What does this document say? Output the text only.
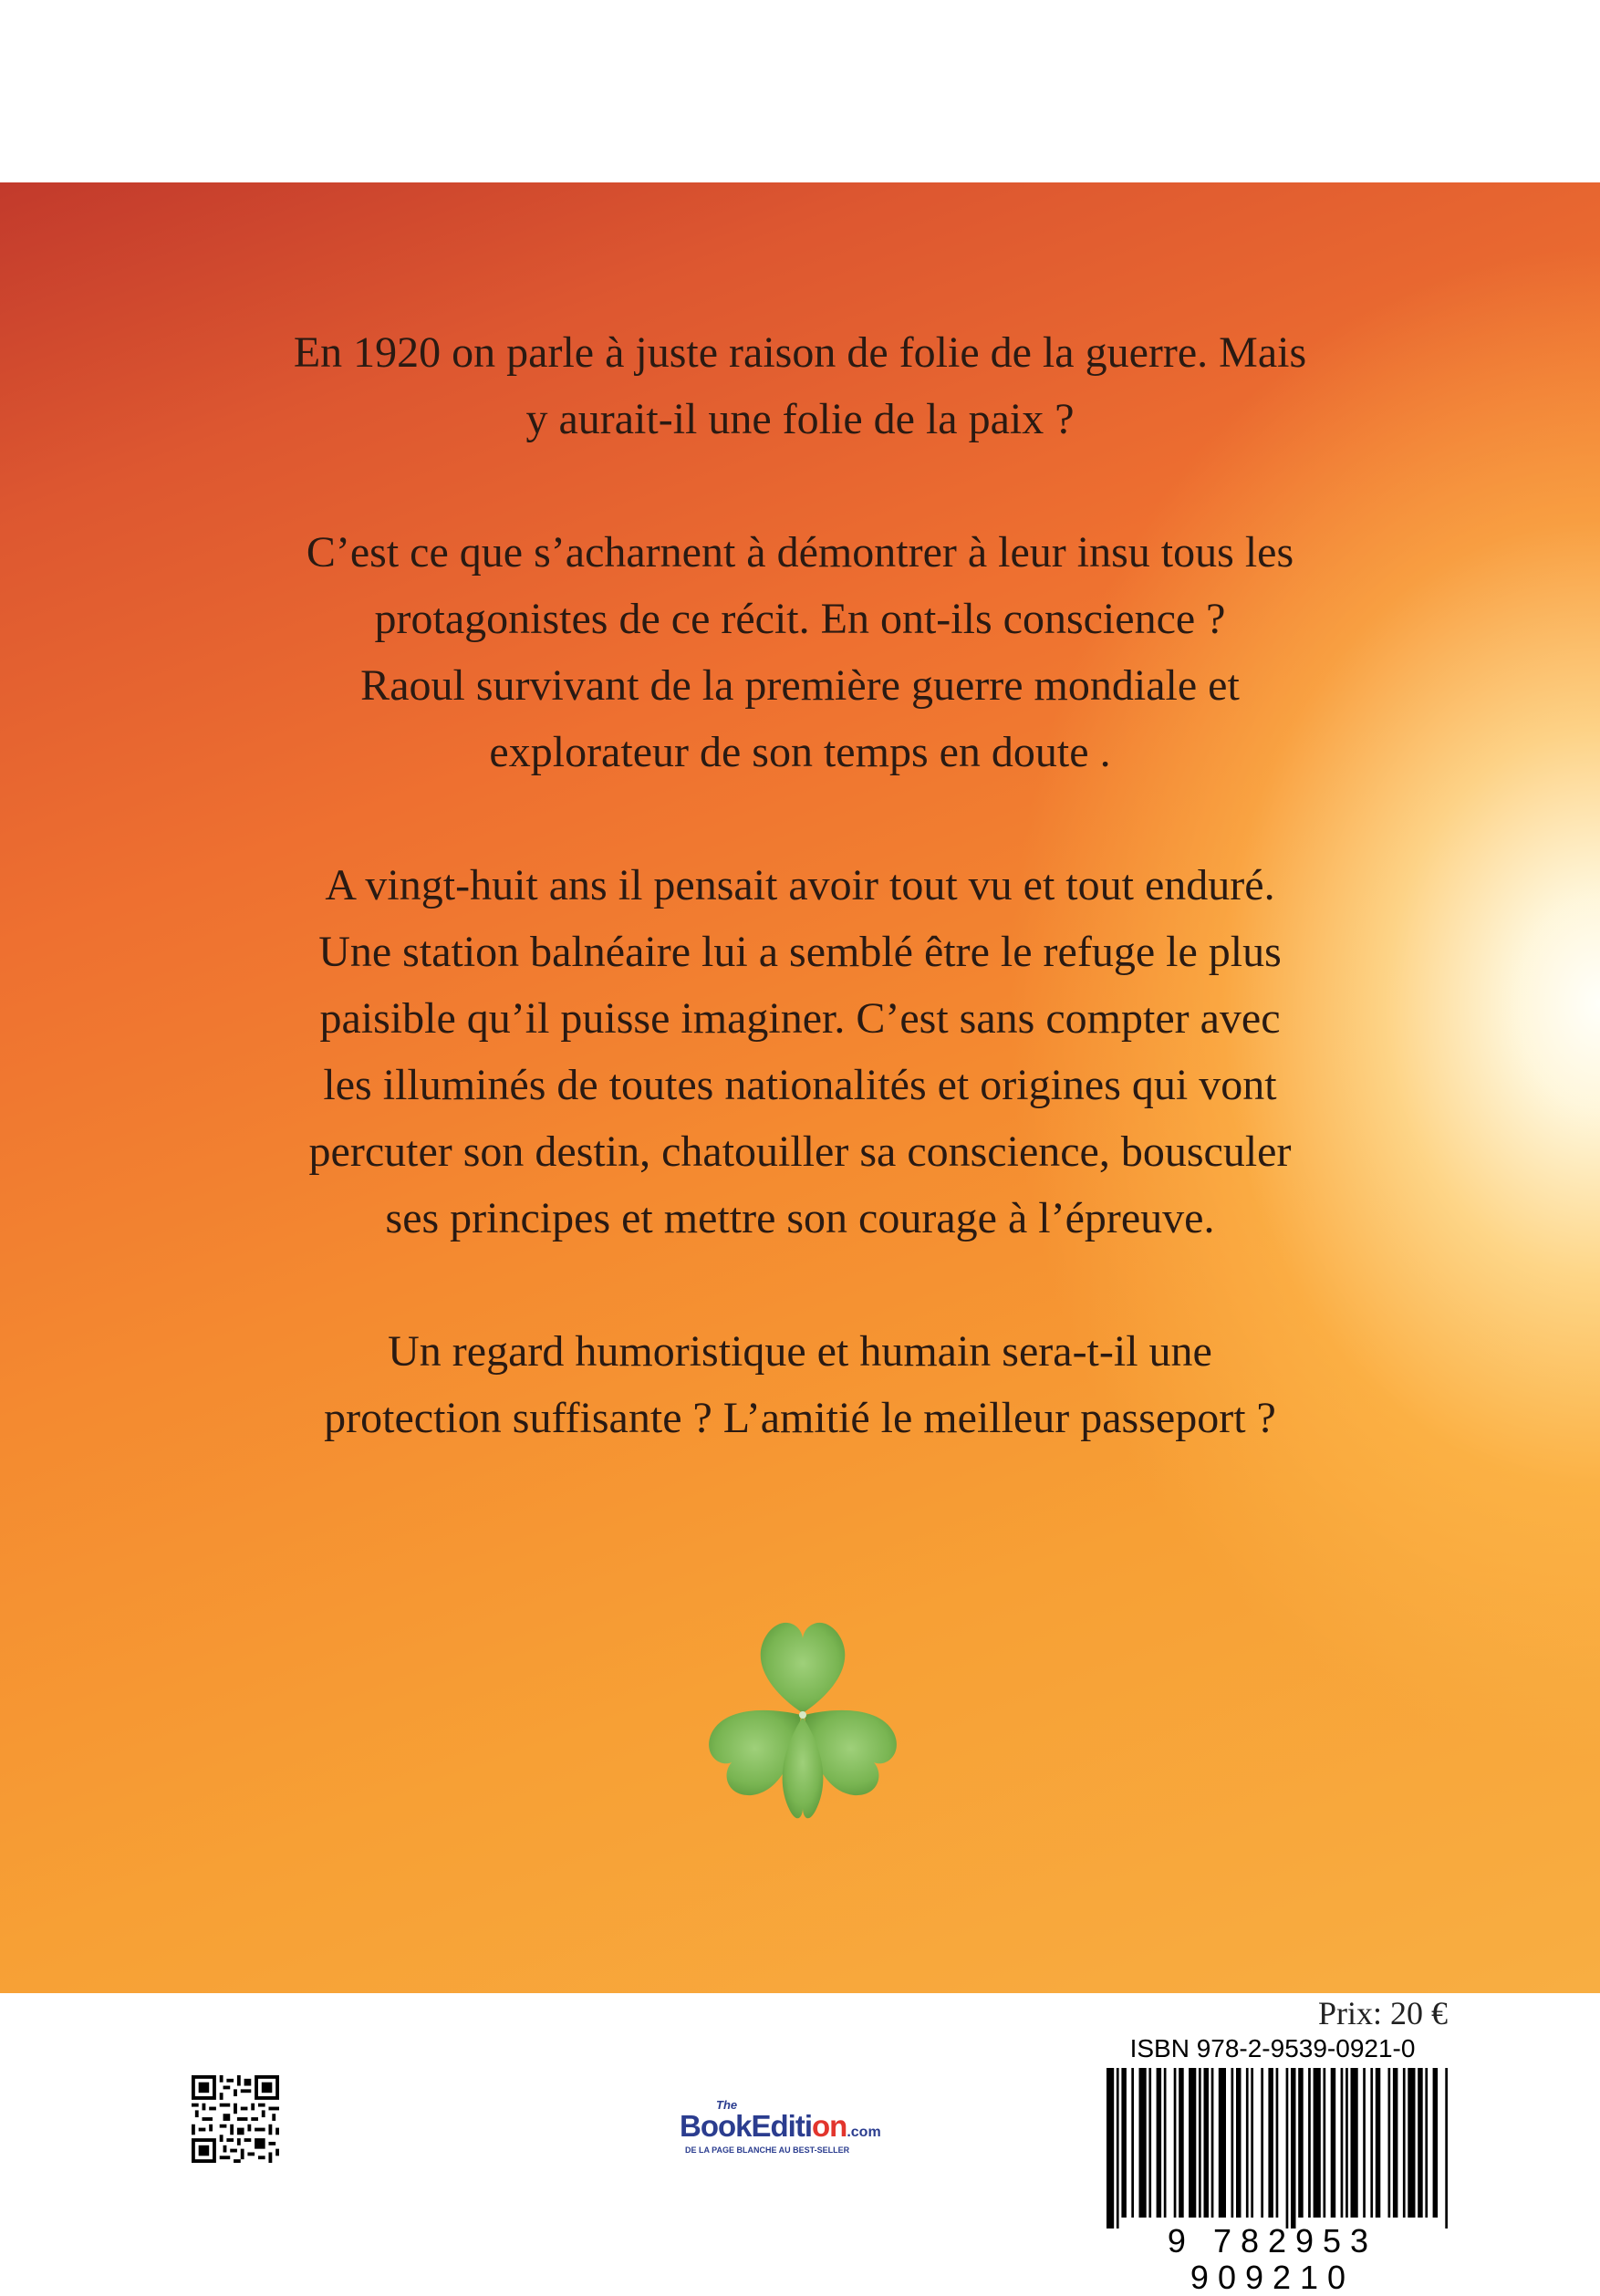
En 1920 on parle à juste raison de folie de la guerre. Mais
y aurait-il une folie de la paix ?

C’est ce que s’acharnent à démontrer à leur insu tous les
protagonistes de ce récit. En ont-ils conscience ?
Raoul survivant de la première guerre mondiale et
explorateur de son temps en doute .

A vingt-huit ans il pensait avoir tout vu et tout enduré.
Une station balnéaire lui a semblé être le refuge le plus
paisible qu’il puisse imaginer. C’est sans compter avec
les illuminés de toutes nationalités et origines qui vont
percuter son destin, chatouiller sa conscience, bousculer
ses principes et mettre son courage à l’épreuve.

Un regard humoristique et humain sera-t-il une
protection suffisante ? L’amitié le meilleur passeport ?

The
BookEdition.com
DE LA PAGE BLANCHE AU BEST-SELLER
Prix: 20 €
ISBN 978-2-9539-0921-0
9 782953 909210
